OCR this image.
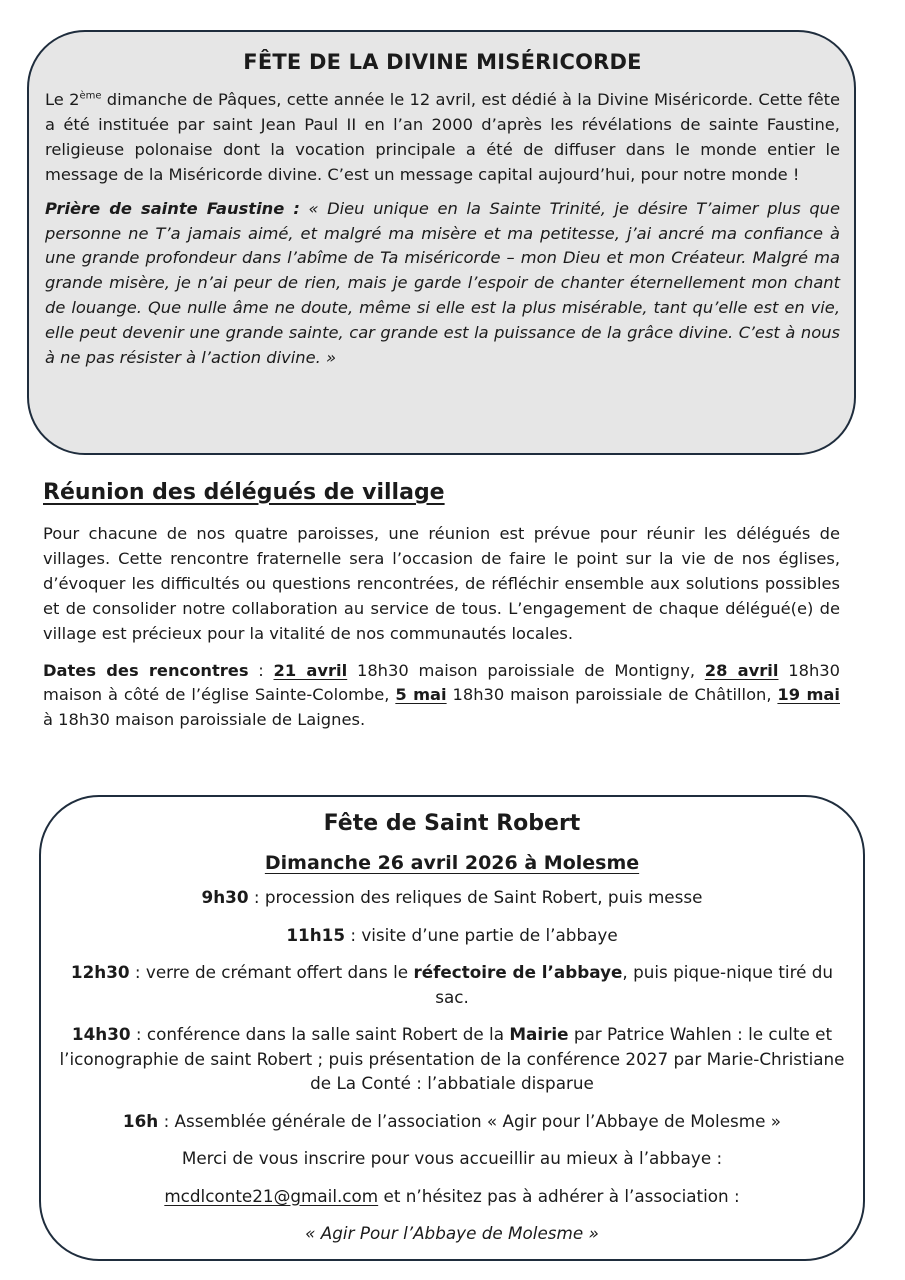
FÊTE DE LA DIVINE MISÉRICORDE

Le 2ème dimanche de Pâques, cette année le 12 avril, est dédié à la Divine Miséricorde. Cette fête a été instituée par saint Jean Paul II en l’an 2000 d’après les révélations de sainte Faustine, religieuse polonaise dont la vocation principale a été de diffuser dans le monde entier le message de la Miséricorde divine. C’est un message capital aujourd’hui, pour notre monde !

Prière de sainte Faustine : « Dieu unique en la Sainte Trinité, je désire T’aimer plus que personne ne T’a jamais aimé, et malgré ma misère et ma petitesse, j’ai ancré ma confiance à une grande profondeur dans l’abîme de Ta miséricorde – mon Dieu et mon Créateur. Malgré ma grande misère, je n’ai peur de rien, mais je garde l’espoir de chanter éternellement mon chant de louange. Que nulle âme ne doute, même si elle est la plus misérable, tant qu’elle est en vie, elle peut devenir une grande sainte, car grande est la puissance de la grâce divine. C’est à nous à ne pas résister à l’action divine. »

Réunion des délégués de village

Pour chacune de nos quatre paroisses, une réunion est prévue pour réunir les délégués de villages. Cette rencontre fraternelle sera l’occasion de faire le point sur la vie de nos églises, d’évoquer les difficultés ou questions rencontrées, de réfléchir ensemble aux solutions possibles et de consolider notre collaboration au service de tous. L’engagement de chaque délégué(e) de village est précieux pour la vitalité de nos communautés locales.

Dates des rencontres : 21 avril 18h30 maison paroissiale de Montigny, 28 avril 18h30 maison à côté de l’église Sainte-Colombe, 5 mai 18h30 maison paroissiale de Châtillon, 19 mai à 18h30 maison paroissiale de Laignes.

Fête de Saint Robert
Dimanche 26 avril 2026 à Molesme

9h30 : procession des reliques de Saint Robert, puis messe

11h15 : visite d’une partie de l’abbaye

12h30 : verre de crémant offert dans le réfectoire de l’abbaye, puis pique-nique tiré du sac.

14h30 : conférence dans la salle saint Robert de la Mairie par Patrice Wahlen : le culte et l’iconographie de saint Robert ; puis présentation de la conférence 2027 par Marie-Christiane de La Conté : l’abbatiale disparue

16h : Assemblée générale de l’association « Agir pour l’Abbaye de Molesme »

Merci de vous inscrire pour vous accueillir au mieux à l’abbaye :

mcdlconte21@gmail.com et n’hésitez pas à adhérer à l’association :

« Agir Pour l’Abbaye de Molesme »
